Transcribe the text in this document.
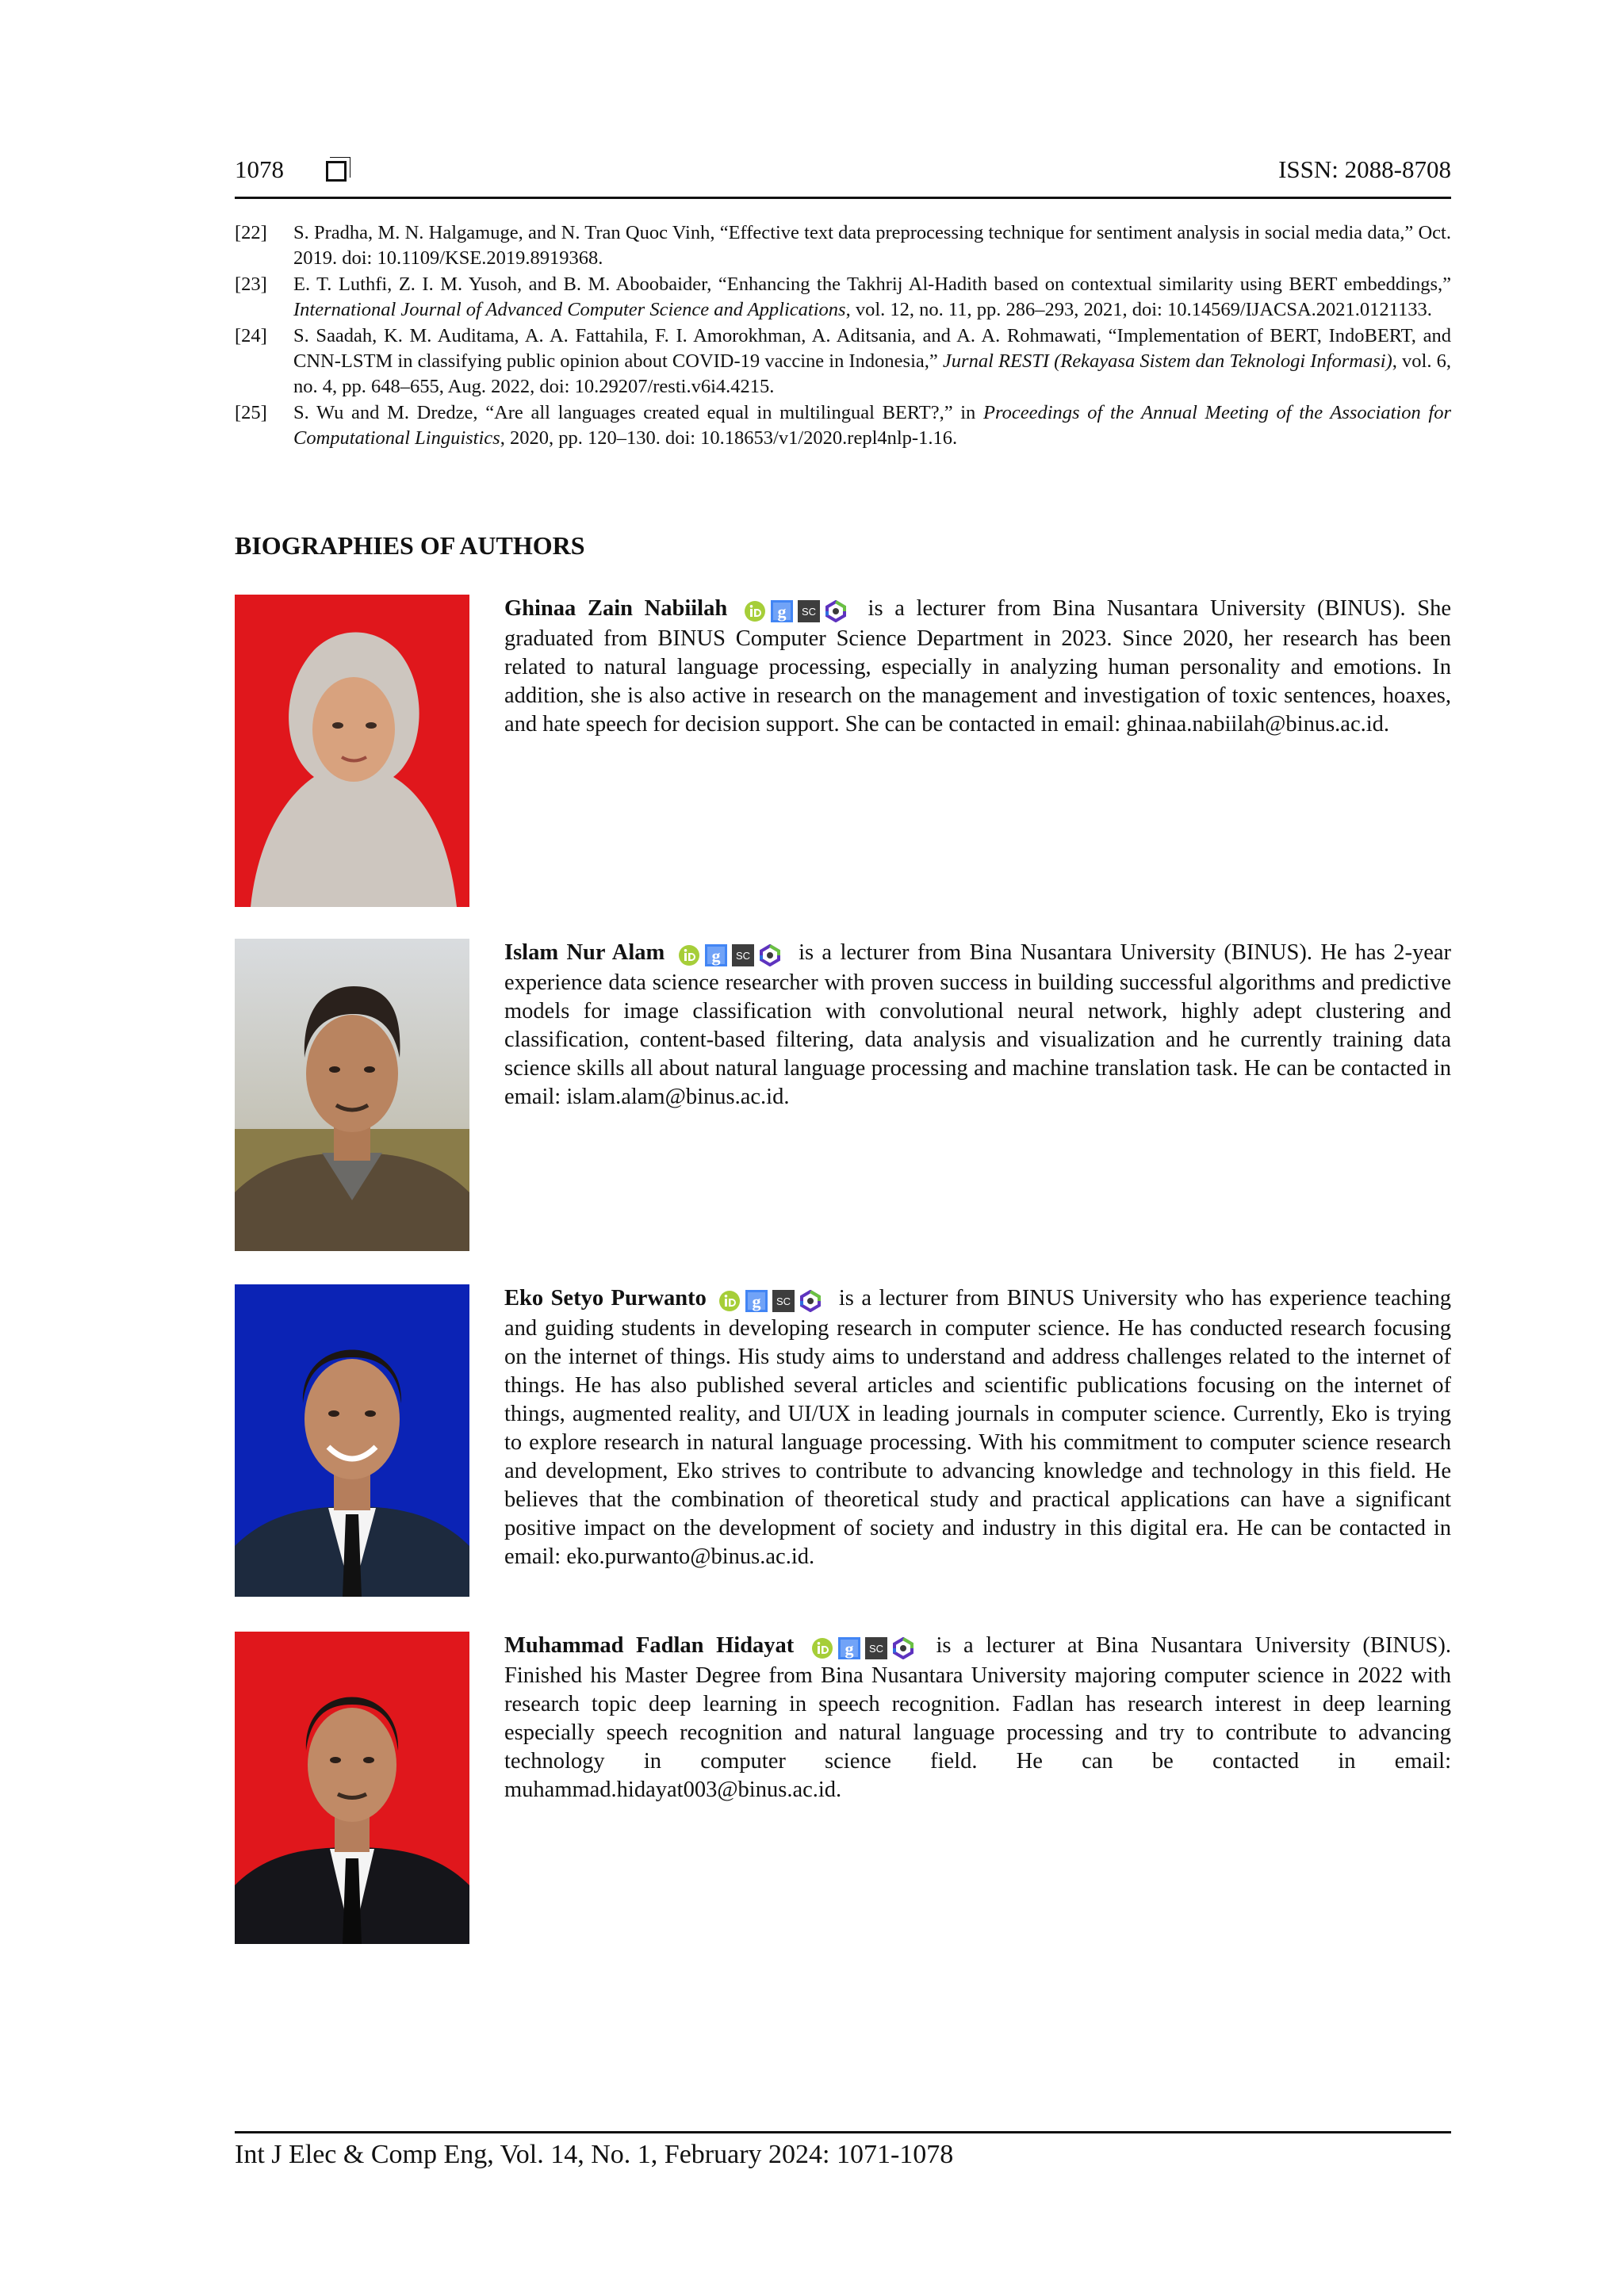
1078	ISSN: 2088-8708
[22] S. Pradha, M. N. Halgamuge, and N. Tran Quoc Vinh, “Effective text data preprocessing technique for sentiment analysis in social media data,” Oct. 2019. doi: 10.1109/KSE.2019.8919368.
[23] E. T. Luthfi, Z. I. M. Yusoh, and B. M. Aboobaider, “Enhancing the Takhrij Al-Hadith based on contextual similarity using BERT embeddings,” International Journal of Advanced Computer Science and Applications, vol. 12, no. 11, pp. 286–293, 2021, doi: 10.14569/IJACSA.2021.0121133.
[24] S. Saadah, K. M. Auditama, A. A. Fattahila, F. I. Amorokhman, A. Aditsania, and A. A. Rohmawati, “Implementation of BERT, IndoBERT, and CNN-LSTM in classifying public opinion about COVID-19 vaccine in Indonesia,” Jurnal RESTI (Rekayasa Sistem dan Teknologi Informasi), vol. 6, no. 4, pp. 648–655, Aug. 2022, doi: 10.29207/resti.v6i4.4215.
[25] S. Wu and M. Dredze, “Are all languages created equal in multilingual BERT?,” in Proceedings of the Annual Meeting of the Association for Computational Linguistics, 2020, pp. 120–130. doi: 10.18653/v1/2020.repl4nlp-1.16.
BIOGRAPHIES OF AUTHORS
Ghinaa Zain Nabiilah	is a lecturer from Bina Nusantara University (BINUS). She graduated from BINUS Computer Science Department in 2023. Since 2020, her research has been related to natural language processing, especially in analyzing human personality and emotions. In addition, she is also active in research on the management and investigation of toxic sentences, hoaxes, and hate speech for decision support. She can be contacted in email: ghinaa.nabiilah@binus.ac.id.
Islam Nur Alam	is a lecturer from Bina Nusantara University (BINUS). He has 2-year experience data science researcher with proven success in building successful algorithms and predictive models for image classification with convolutional neural network, highly adept clustering and classification, content-based filtering, data analysis and visualization and he currently training data science skills all about natural language processing and machine translation task. He can be contacted in email: islam.alam@binus.ac.id.
Eko Setyo Purwanto	is a lecturer from BINUS University who has experience teaching and guiding students in developing research in computer science. He has conducted research focusing on the internet of things. His study aims to understand and address challenges related to the internet of things. He has also published several articles and scientific publications focusing on the internet of things, augmented reality, and UI/UX in leading journals in computer science. Currently, Eko is trying to explore research in natural language processing. With his commitment to computer science research and development, Eko strives to contribute to advancing knowledge and technology in this field. He believes that the combination of theoretical study and practical applications can have a significant positive impact on the development of society and industry in this digital era. He can be contacted in email: eko.purwanto@binus.ac.id.
Muhammad Fadlan Hidayat	is a lecturer at Bina Nusantara University (BINUS). Finished his Master Degree from Bina Nusantara University majoring computer science in 2022 with research topic deep learning in speech recognition. Fadlan has research interest in deep learning especially speech recognition and natural language processing and try to contribute to advancing technology in computer science field. He can be contacted in email: muhammad.hidayat003@binus.ac.id.
Int J Elec & Comp Eng, Vol. 14, No. 1, February 2024: 1071-1078
